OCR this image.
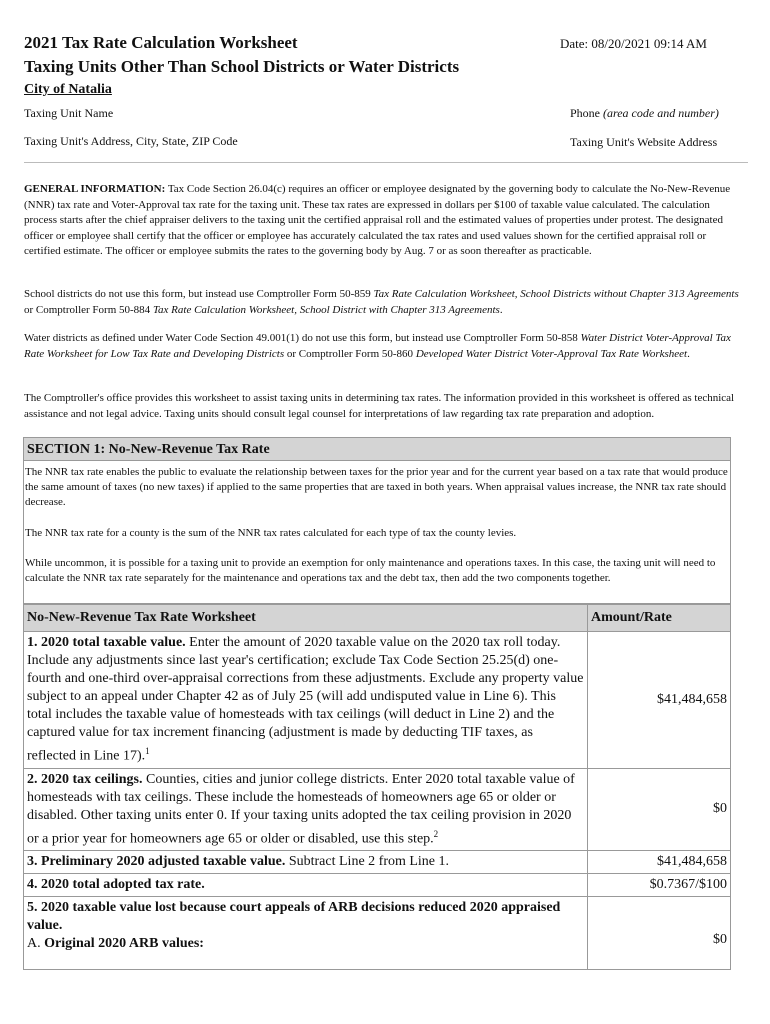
2021 Tax Rate Calculation Worksheet
Taxing Units Other Than School Districts or Water Districts
Date: 08/20/2021 09:14 AM
City of Natalia
Taxing Unit Name	Phone (area code and number)
Taxing Unit's Address, City, State, ZIP Code	Taxing Unit's Website Address
GENERAL INFORMATION: Tax Code Section 26.04(c) requires an officer or employee designated by the governing body to calculate the No-New-Revenue (NNR) tax rate and Voter-Approval tax rate for the taxing unit. These tax rates are expressed in dollars per $100 of taxable value calculated. The calculation process starts after the chief appraiser delivers to the taxing unit the certified appraisal roll and the estimated values of properties under protest. The designated officer or employee shall certify that the officer or employee has accurately calculated the tax rates and used values shown for the certified appraisal roll or certified estimate. The officer or employee submits the rates to the governing body by Aug. 7 or as soon thereafter as practicable.
School districts do not use this form, but instead use Comptroller Form 50-859 Tax Rate Calculation Worksheet, School Districts without Chapter 313 Agreements or Comptroller Form 50-884 Tax Rate Calculation Worksheet, School District with Chapter 313 Agreements.
Water districts as defined under Water Code Section 49.001(1) do not use this form, but instead use Comptroller Form 50-858 Water District Voter-Approval Tax Rate Worksheet for Low Tax Rate and Developing Districts or Comptroller Form 50-860 Developed Water District Voter-Approval Tax Rate Worksheet.
The Comptroller's office provides this worksheet to assist taxing units in determining tax rates. The information provided in this worksheet is offered as technical assistance and not legal advice. Taxing units should consult legal counsel for interpretations of law regarding tax rate preparation and adoption.
SECTION 1: No-New-Revenue Tax Rate
The NNR tax rate enables the public to evaluate the relationship between taxes for the prior year and for the current year based on a tax rate that would produce the same amount of taxes (no new taxes) if applied to the same properties that are taxed in both years. When appraisal values increase, the NNR tax rate should decrease.
The NNR tax rate for a county is the sum of the NNR tax rates calculated for each type of tax the county levies.
While uncommon, it is possible for a taxing unit to provide an exemption for only maintenance and operations taxes. In this case, the taxing unit will need to calculate the NNR tax rate separately for the maintenance and operations tax and the debt tax, then add the two components together.
No-New-Revenue Tax Rate Worksheet	Amount/Rate
1. 2020 total taxable value. Enter the amount of 2020 taxable value on the 2020 tax roll today. Include any adjustments since last year's certification; exclude Tax Code Section 25.25(d) one-fourth and one-third over-appraisal corrections from these adjustments. Exclude any property value subject to an appeal under Chapter 42 as of July 25 (will add undisputed value in Line 6). This total includes the taxable value of homesteads with tax ceilings (will deduct in Line 2) and the captured value for tax increment financing (adjustment is made by deducting TIF taxes, as reflected in Line 17).$^1$	$41,484,658
2. 2020 tax ceilings. Counties, cities and junior college districts. Enter 2020 total taxable value of homesteads with tax ceilings. These include the homesteads of homeowners age 65 or older or disabled. Other taxing units enter 0. If your taxing units adopted the tax ceiling provision in 2020 or a prior year for homeowners age 65 or older or disabled, use this step.$^2$	$0
3. Preliminary 2020 adjusted taxable value. Subtract Line 2 from Line 1.	$41,484,658
4. 2020 total adopted tax rate.	$0.7367/$100
5. 2020 taxable value lost because court appeals of ARB decisions reduced 2020 appraised value.
A. Original 2020 ARB values:	$0
